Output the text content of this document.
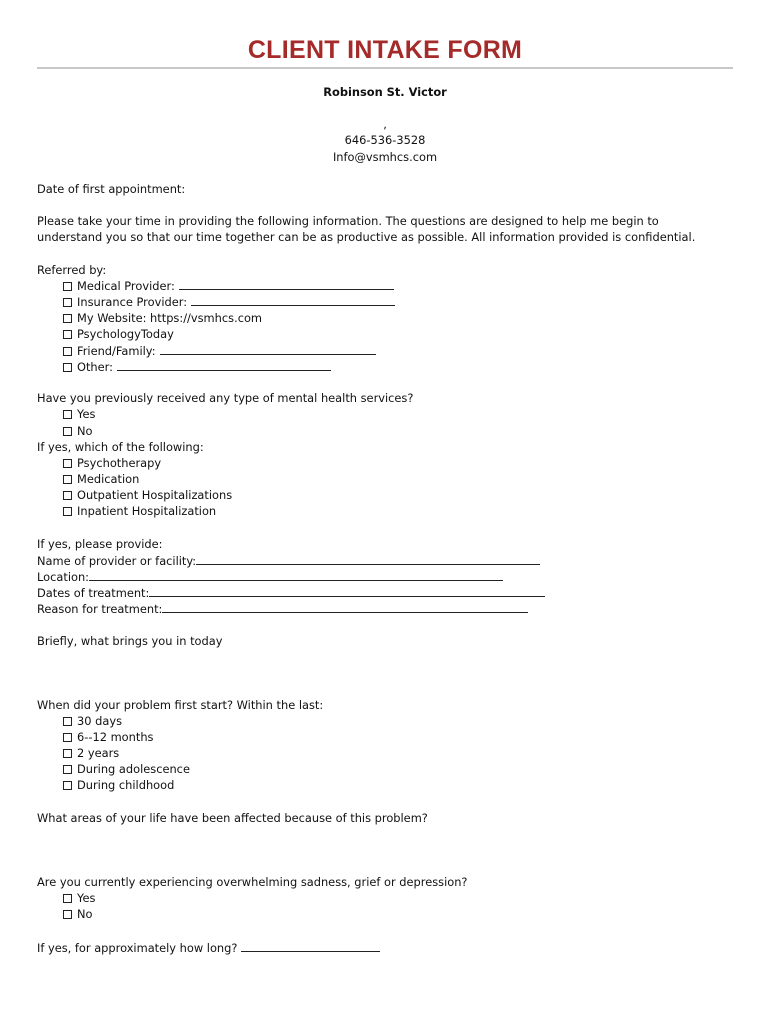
CLIENT INTAKE FORM
Robinson St. Victor
,
646-536-3528
Info@vsmhcs.com
Date of first appointment:
Please take your time in providing the following information. The questions are designed to help me begin to
understand you so that our time together can be as productive as possible. All information provided is confidential.
Referred by:
Medical Provider:
Insurance Provider:
My Website: https://vsmhcs.com
PsychologyToday
Friend/Family:
Other:
Have you previously received any type of mental health services?
Yes
No
If yes, which of the following:
Psychotherapy
Medication
Outpatient Hospitalizations
Inpatient Hospitalization
If yes, please provide:
Name of provider or facility:
Location:
Dates of treatment:
Reason for treatment:
Briefly, what brings you in today
When did your problem first start? Within the last:
30 days
6--12 months
2 years
During adolescence
During childhood
What areas of your life have been affected because of this problem?
Are you currently experiencing overwhelming sadness, grief or depression?
Yes
No
If yes, for approximately how long?
